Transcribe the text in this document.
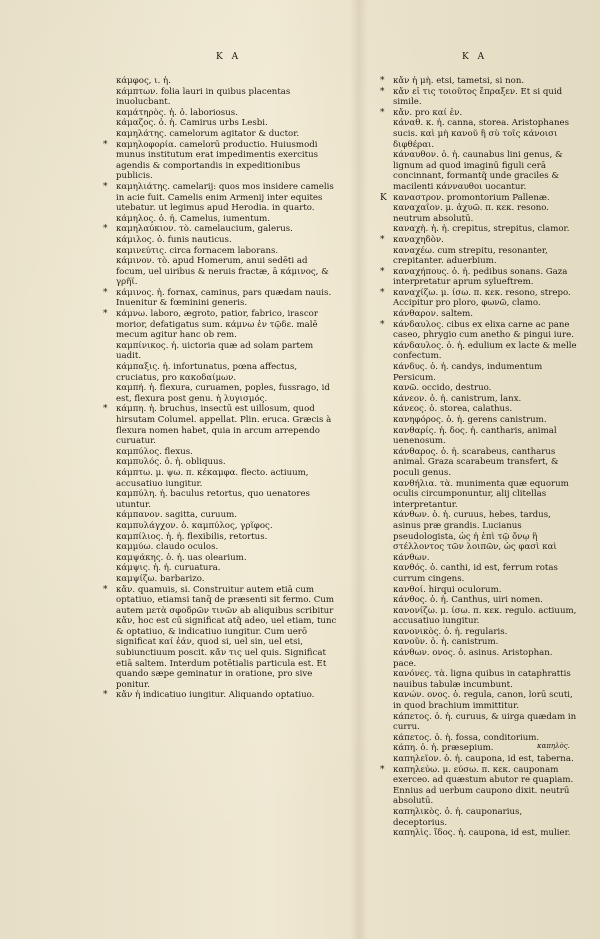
K A	K A

κάμφος, ι. ἡ.

κάμπτων. folia lauri in quibus placentas inuolucbant.

καμάτηρὸς. ἡ. ὁ. laboriosus.

κάμαζος. ὁ. ἡ. Camirus urbs Lesbi.

καμηλάτης. camelorum agitator & ductor.

* καμηλοφορία. camelorū productio. Huiusmodi munus institutum erat impedimentis exercitus agendis & comportandis in expeditionibus publicis.

* καμηλιάτης. camelarij: quos mos insidere camelis in acie fuit. Camelis enim Armenij inter equites utebatur. ut legimus apud Herodia. in quarto.

κάμηλος. ὁ. ἡ. Camelus, iumentum.

* καμηλαύκιον. τὸ. camelaucium, galerus.

κάμιλος. ὁ. funis nauticus.

καμινεύτις. circa fornacem laborans.

κάμινον. τὸ. apud Homerum, anui sedēti ad focum, uel uiribus & neruis fractæ, ā κάμινος, & γρῆϊ.

* κάμινος. ἡ. fornax, caminus, pars quædam nauis. Inuenitur & fœminini generis.

* κάμνω. laboro, ægroto, patior, fabrico, irascor morior, defatigatus sum. κάμνω ἐν τῷδε. malē mecum agitur hanc ob rem.

καμπίνικος. ἡ. uictoria quæ ad solam partem uadit.

κάμπαξις. ἡ. infortunatus, pœna affectus, cruciatus, pro κακοδαίμων.

καμπή. ἡ. flexura, curuamen, poples, fussrago, id est, flexura post genu. ἡ λυγισμός.

* κάμπη. ἡ. bruchus, insectū est uillosum, quod hirsutam Columel. appellat. Plin. eruca. Græcis à flexura nomen habet, quia in arcum arrependo curuatur.

καμπύλος. flexus.

καμπυλός. ὁ. ἡ. obliquus.

κάμπτω. μ. ψω. π. κέκαμφα. flecto. actiuum, accusatiuo iungitur.

καμπύλη. ἡ. baculus retortus, quo uenatores utuntur.

κάμπανον. sagitta, curuum.

καμπυλάγχον. ὁ. καμπύλος, γρῖφος.

καμπίλιος. ἡ. ἡ. flexibilis, retortus.

καμμύω. claudo oculos.

καμψάκης. ὁ. ἡ. uas olearium.

κάμψις. ἡ. ἡ. curuatura.

καμψίζω. barbarizo.

* κἄν. quamuis, si. Construitur autem etiā cum optatiuo, etiamsi tanq̄ de præsenti sit fermo. Cum autem μετὰ σφοδρῶν τινῶν ab aliquibus scribitur κἄν, hoc est cū significat atq̃ adeo, uel etiam, tunc & optatiuo, & indicatiuo iungitur. Cum uerō significat καί ἐάν, quod si, uel sin, uel etsi, subiunctiuum poscit. κἄν τις uel quis. Significat etiā saltem. Interdum potētialis particula est. Et quando sæpe geminatur in oratione, pro sive ponitur.

* κἄν ἡ indicatiuo iungitur. Aliquando optatiuo.

* κἄν ἡ μὴ. etsi, tametsi, si non.

* κἄν εἰ τις τοιοῦτος ἔπραξεν. Et si quid simile.

* κἄν. pro καί ἐν.

κάναθ. κ. ἡ. canna, storea. Aristophanes sucis. καὶ μὴ κανοῦ ἢ σὺ τοῖς κάνοισι διφθέραι.

κάναυθον. ὁ. ἡ. caunabus lini genus, & lignum ad quod imaginū figuli cerā concinnant, formantq̃ unde graciles & macilenti κάνναυθοι uocantur.

K καναστρον. promontorium Pallenæ.

καναχαῖον. μ. ἀχυῶ. π. κεκ. resono. neutrum absolutū.

καναχὴ. ἡ. ἡ. crepitus, strepitus, clamor.

* καναχηδὸν.

καναχέω. cum strepitu, resonanter, crepitanter. aduerbium.

* καναχήπους. ὁ. ἡ. pedibus sonans. Gaza interpretatur aprum sylueftrem.

* καναχίζω. μ. ίσω. π. κεκ. resono, strepo. Accipitur pro ploro, φωνῶ, clamo.

κάνθαρον. saltem.

* κάνδαυλος. cibus ex elixa carne ac pane caseo, phrygio cum anetho & pingui iure.

κάνδαυλος. ὁ. ἡ. edulium ex lacte & melle confectum.

κάνδυς. ὁ. ἡ. candys, indumentum Persicum.

κανῶ. occido, destruo.

κάνεον. ὁ. ἡ. canistrum, lanx.

κάνεος. ὁ. storea, calathus.

κανηφόρος. ὁ. ἡ. gerens canistrum.

κανθαρίς. ἡ. δος. ἡ. cantharis, animal uenenosum.

κάνθαρος. ὁ. ἡ. scarabeus, cantharus animal. Graza scarabeum transfert, & poculi genus.

κανθήλια. τὰ. munimenta quæ equorum oculis circumponuntur, alij clitellas interpretantur.

κάνθων. ὁ. ἡ. curuus, hebes, tardus, asinus præ grandis. Lucianus pseudologista, ὡς ἡ ἐπὶ τῷ ὄνῳ ἢ στέλλοντος τῶν λοιπῶν, ὡς φασὶ καὶ κάνθων.

κανθός. ὁ. canthi, id est, ferrum rotas currum cingens.

κανθοί. hirqui oculorum.

κάνθος. ὁ. ἡ. Canthus, uiri nomen.

κανονίζω. μ. ίσω. π. κεκ. regulo. actiuum, accusatiuo iungitur.

κανονικὸς. ὁ. ἡ. regularis.

κανοῦν. ὁ. ἡ. canistrum.

κάνθων. ονος. ὁ. asinus. Aristophan. pace.

κανόνες. τὰ. ligna quibus in cataphrattis nauibus tabulæ incumbunt.

κανών. ονος. ὁ. regula, canon, lorū scuti, in quod brachium immittitur.

κάπετος. ὁ. ἡ. curuus, & uirga quædam in curru.

κάπετος. ὁ. ἡ. fossa, conditorium.

κάπη. ὁ. ἡ. præsepium.

καπηλεῖον. ὁ. ἡ. caupona, id est, taberna.

* καπηλεύω. μ. εύσω. π. κεκ. cauponam exerceo. ad quæstum abutor re quapiam. Ennius ad uerbum caupono dixit. neutrū absolutū.

καπηλικὸς. ὁ. ἡ. cauponarius, deceptorius.

καπηλὶς. ἴδος. ἡ. caupona, id est, mulier.

καπηλὸς.
